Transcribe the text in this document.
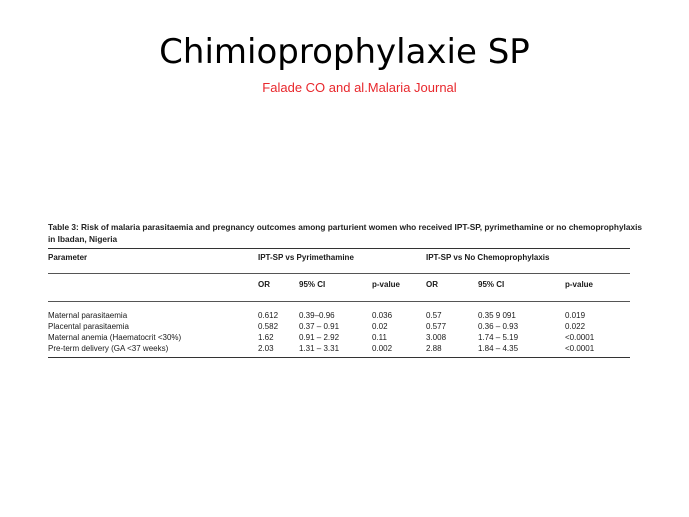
Chimioprophylaxie SP
Falade CO and al.Malaria Journal
Table 3: Risk of malaria parasitaemia and pregnancy outcomes among parturient women who received IPT-SP, pyrimethamine or no chemoprophylaxis in Ibadan, Nigeria
Parameter	IPT-SP vs Pyrimethamine			IPT-SP vs No Chemoprophylaxis		
	OR	95% CI	p-value	OR	95% CI	p-value

Maternal parasitaemia	0.612	0.39–0.96	0.036	0.57	0.35 9 091	0.019
Placental parasitaemia	0.582	0.37 – 0.91	0.02	0.577	0.36 – 0.93	0.022
Maternal anemia (Haematocrit <30%)	1.62	0.91 – 2.92	0.11	3.008	1.74 – 5.19	<0.0001
Pre-term delivery (GA <37 weeks)	2.03	1.31 – 3.31	0.002	2.88	1.84 – 4.35	<0.0001
